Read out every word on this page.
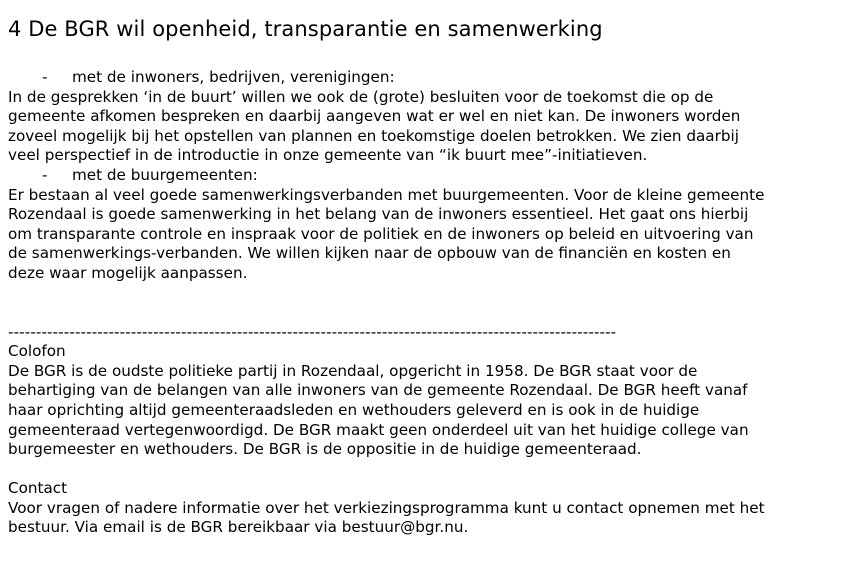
4 De BGR wil openheid, transparantie en samenwerking
- met de inwoners, bedrijven, verenigingen:
In de gesprekken ‘in de buurt’ willen we ook de (grote) besluiten voor de toekomst die op de
gemeente afkomen bespreken en daarbij aangeven wat er wel en niet kan. De inwoners worden
zoveel mogelijk bij het opstellen van plannen en toekomstige doelen betrokken. We zien daarbij
veel perspectief in de introductie in onze gemeente van “ik buurt mee”-initiatieven.
- met de buurgemeenten:
Er bestaan al veel goede samenwerkingsverbanden met buurgemeenten. Voor de kleine gemeente
Rozendaal is goede samenwerking in het belang van de inwoners essentieel. Het gaat ons hierbij
om transparante controle en inspraak voor de politiek en de inwoners op beleid en uitvoering van
de samenwerkings-verbanden. We willen kijken naar de opbouw van de financiën en kosten en
deze waar mogelijk aanpassen.
-------------------------------------------------------------------------------------------------------------
Colofon
De BGR is de oudste politieke partij in Rozendaal, opgericht in 1958. De BGR staat voor de
behartiging van de belangen van alle inwoners van de gemeente Rozendaal. De BGR heeft vanaf
haar oprichting altijd gemeenteraadsleden en wethouders geleverd en is ook in de huidige
gemeenteraad vertegenwoordigd. De BGR maakt geen onderdeel uit van het huidige college van
burgemeester en wethouders. De BGR is de oppositie in de huidige gemeenteraad.
Contact
Voor vragen of nadere informatie over het verkiezingsprogramma kunt u contact opnemen met het
bestuur. Via email is de BGR bereikbaar via bestuur@bgr.nu.
